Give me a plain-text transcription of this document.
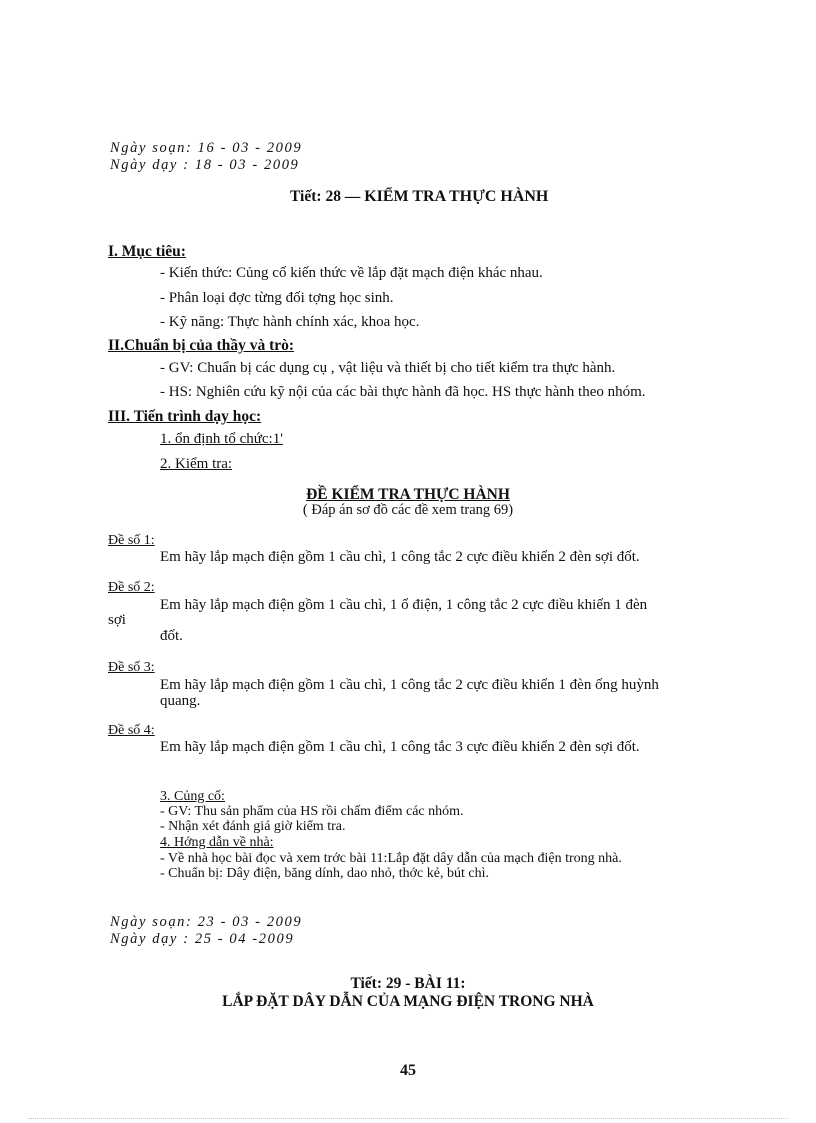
Ngày soạn: 16 - 03 - 2009
Ngày dạy : 18 - 03 - 2009
Tiết: 28 — KIỂM TRA THỰC HÀNH
I. Mục tiêu:
- Kiến thức: Củng cố kiến thức về lắp đặt mạch điện khác nhau.
- Phân loại đợc từng đối tợng học sinh.
- Kỹ năng: Thực hành chính xác, khoa học.
II.Chuẩn bị của thầy và trò:
- GV: Chuẩn bị các dụng cụ , vật liệu và thiết bị cho tiết kiểm tra thực hành.
- HS: Nghiên cứu kỹ nội của các bài thực hành đã học. HS thực hành theo nhóm.
III. Tiến trình dạy học:
1. ổn định tổ chức:1'
2. Kiểm tra:
ĐỀ KIỂM TRA THỰC HÀNH
( Đáp án sơ đồ các đề xem trang 69)
Đề số 1:
Em hãy lắp mạch điện gồm 1 cầu chì, 1 công tắc 2 cực điều khiển 2 đèn sợi đốt.
Đề số 2:
Em hãy lắp mạch điện gồm 1 cầu chì, 1 ổ điện, 1 công tắc 2 cực điều khiển 1 đèn
sợi
đốt.
Đề số 3:
Em hãy lắp mạch điện gồm 1 cầu chì, 1 công tắc 2 cực điều khiển 1 đèn ống huỳnh
quang.
Đề số 4:
Em hãy lắp mạch điện gồm 1 cầu chì, 1 công tắc 3 cực điều khiển 2 đèn sợi đốt.
3. Củng cố:
- GV: Thu sản phẩm của HS rồi chấm điểm các nhóm.
- Nhận xét đánh giá giờ kiểm tra.
4. Hớng dẫn về nhà:
- Về nhà học bài đọc và xem trớc bài 11:Lắp đặt dây dẫn của mạch điện trong nhà.
- Chuẩn bị: Dây điện, băng dính, dao nhỏ, thớc kẻ, bút chì.
Ngày soạn: 23 - 03 - 2009
Ngày dạy : 25 - 04 -2009
Tiết: 29 - BÀI 11:
LẮP ĐẶT DÂY DẪN CỦA MẠNG ĐIỆN TRONG NHÀ
45
